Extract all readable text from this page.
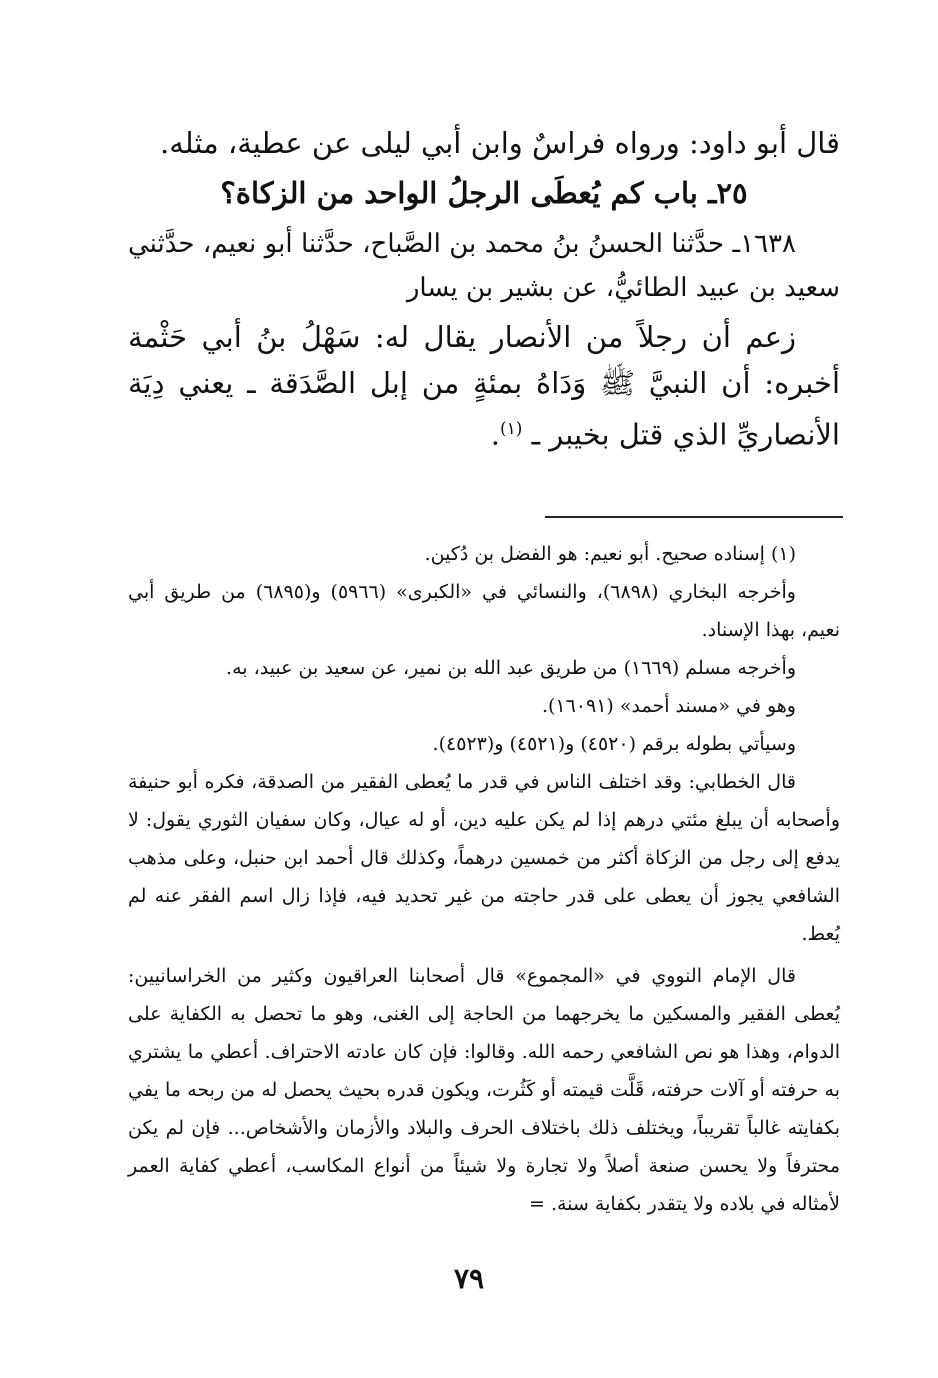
قال أبو داود: ورواه فراسٌ وابن أبي ليلى عن عطية، مثله.

٢٥ـ باب كم يُعطَى الرجلُ الواحد من الزكاة؟

١٦٣٨ـ حدَّثنا الحسنُ بنُ محمد بن الصَّباح، حدَّثنا أبو نعيم، حدَّثني سعيد بن عبيد الطائيُّ، عن بشير بن يسار

زعم أن رجلاً من الأنصار يقال له: سَهْلُ بنُ أبي حَثْمة أخبره: أن النبيَّ ﷺ وَدَاهُ بمئةٍ من إبل الصَّدَقة ـ يعني دِيَة الأنصاريِّ الذي قتل بخيبر ـ $^{(١)}$.

(١) إسناده صحيح. أبو نعيم: هو الفضل بن دُكين.

وأخرجه البخاري (٦٨٩٨)، والنسائي في «الكبرى» (٥٩٦٦) و(٦٨٩٥) من طريق أبي نعيم، بهذا الإسناد.

وأخرجه مسلم (١٦٦٩) من طريق عبد الله بن نمير، عن سعيد بن عبيد، به.

وهو في «مسند أحمد» (١٦٠٩١).

وسيأتي بطوله برقم (٤٥٢٠) و(٤٥٢١) و(٤٥٢٣).

قال الخطابي: وقد اختلف الناس في قدر ما يُعطى الفقير من الصدقة، فكره أبو حنيفة وأصحابه أن يبلغ مئتي درهم إذا لم يكن عليه دين، أو له عيال، وكان سفيان الثوري يقول: لا يدفع إلى رجل من الزكاة أكثر من خمسين درهماً، وكذلك قال أحمد ابن حنبل، وعلى مذهب الشافعي يجوز أن يعطى على قدر حاجته من غير تحديد فيه، فإذا زال اسم الفقر عنه لم يُعط.

قال الإمام النووي في «المجموع» قال أصحابنا العراقيون وكثير من الخراسانيين: يُعطى الفقير والمسكين ما يخرجهما من الحاجة إلى الغنى، وهو ما تحصل به الكفاية على الدوام، وهذا هو نص الشافعي رحمه الله. وقالوا: فإن كان عادته الاحتراف. أعطي ما يشتري به حرفته أو آلات حرفته، قَلَّت قيمته أو كَثُرت، ويكون قدره بحيث يحصل له من ربحه ما يفي بكفايته غالباً تقريباً، ويختلف ذلك باختلاف الحرف والبلاد والأزمان والأشخاص... فإن لم يكن محترفاً ولا يحسن صنعة أصلاً ولا تجارة ولا شيئاً من أنواع المكاسب، أعطي كفاية العمر لأمثاله في بلاده ولا يتقدر بكفاية سنة. =

٧٩
